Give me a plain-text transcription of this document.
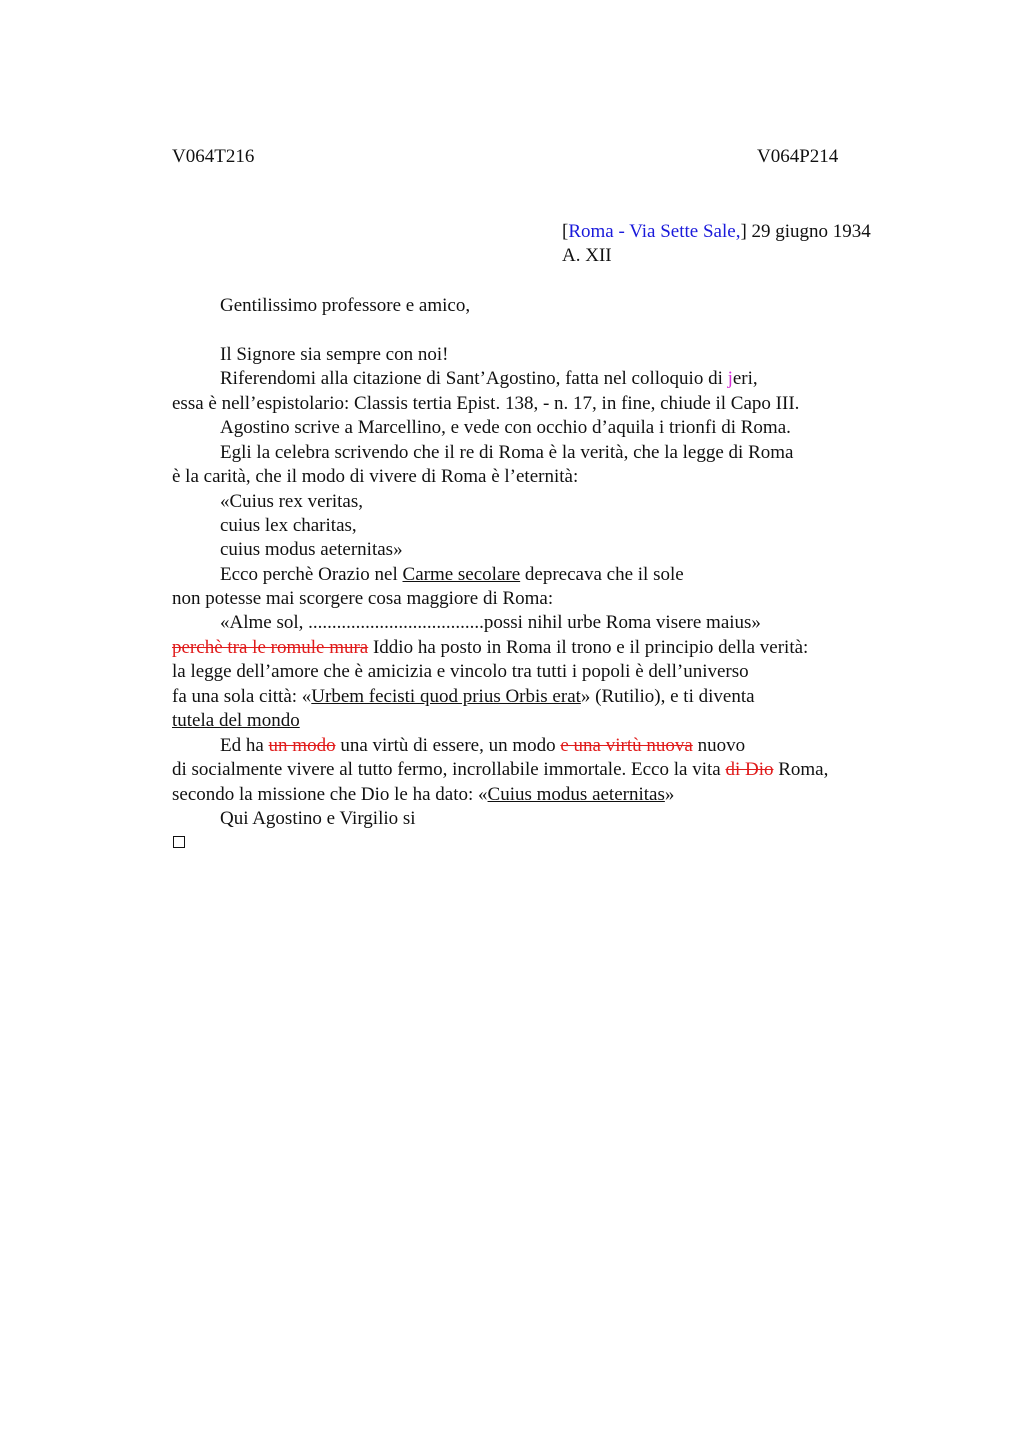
V064T216	V064P214
[Roma - Via Sette Sale,] 29 giugno 1934
A. XII
Gentilissimo professore e amico,
Il Signore sia sempre con noi!
Riferendomi alla citazione di Sant’Agostino, fatta nel colloquio di jeri,
essa è nell’espistolario: Classis tertia Epist. 138, - n. 17, in fine, chiude il Capo III.
Agostino scrive a Marcellino, e vede con occhio d’aquila i trionfi di Roma.
Egli la celebra scrivendo che il re di Roma è la verità, che la legge di Roma
è la carità, che il modo di vivere di Roma è l’eternità:
«Cuius rex veritas,
cuius lex charitas,
cuius modus aeternitas»
Ecco perchè Orazio nel Carme secolare deprecava che il sole
non potesse mai scorgere cosa maggiore di Roma:
«Alme sol, .....................................possi nihil urbe Roma visere maius»
perchè tra le romule mura Iddio ha posto in Roma il trono e il principio della verità:
la legge dell’amore che è amicizia e vincolo tra tutti i popoli è dell’universo
fa una sola città: «Urbem fecisti quod prius Orbis erat» (Rutilio), e ti diventa
tutela del mondo
Ed ha un modo una virtù di essere, un modo e una virtù nuova nuovo
di socialmente vivere al tutto fermo, incrollabile immortale. Ecco la vita di Dio Roma,
secondo la missione che Dio le ha dato: «Cuius modus aeternitas»
Qui Agostino e Virgilio si
